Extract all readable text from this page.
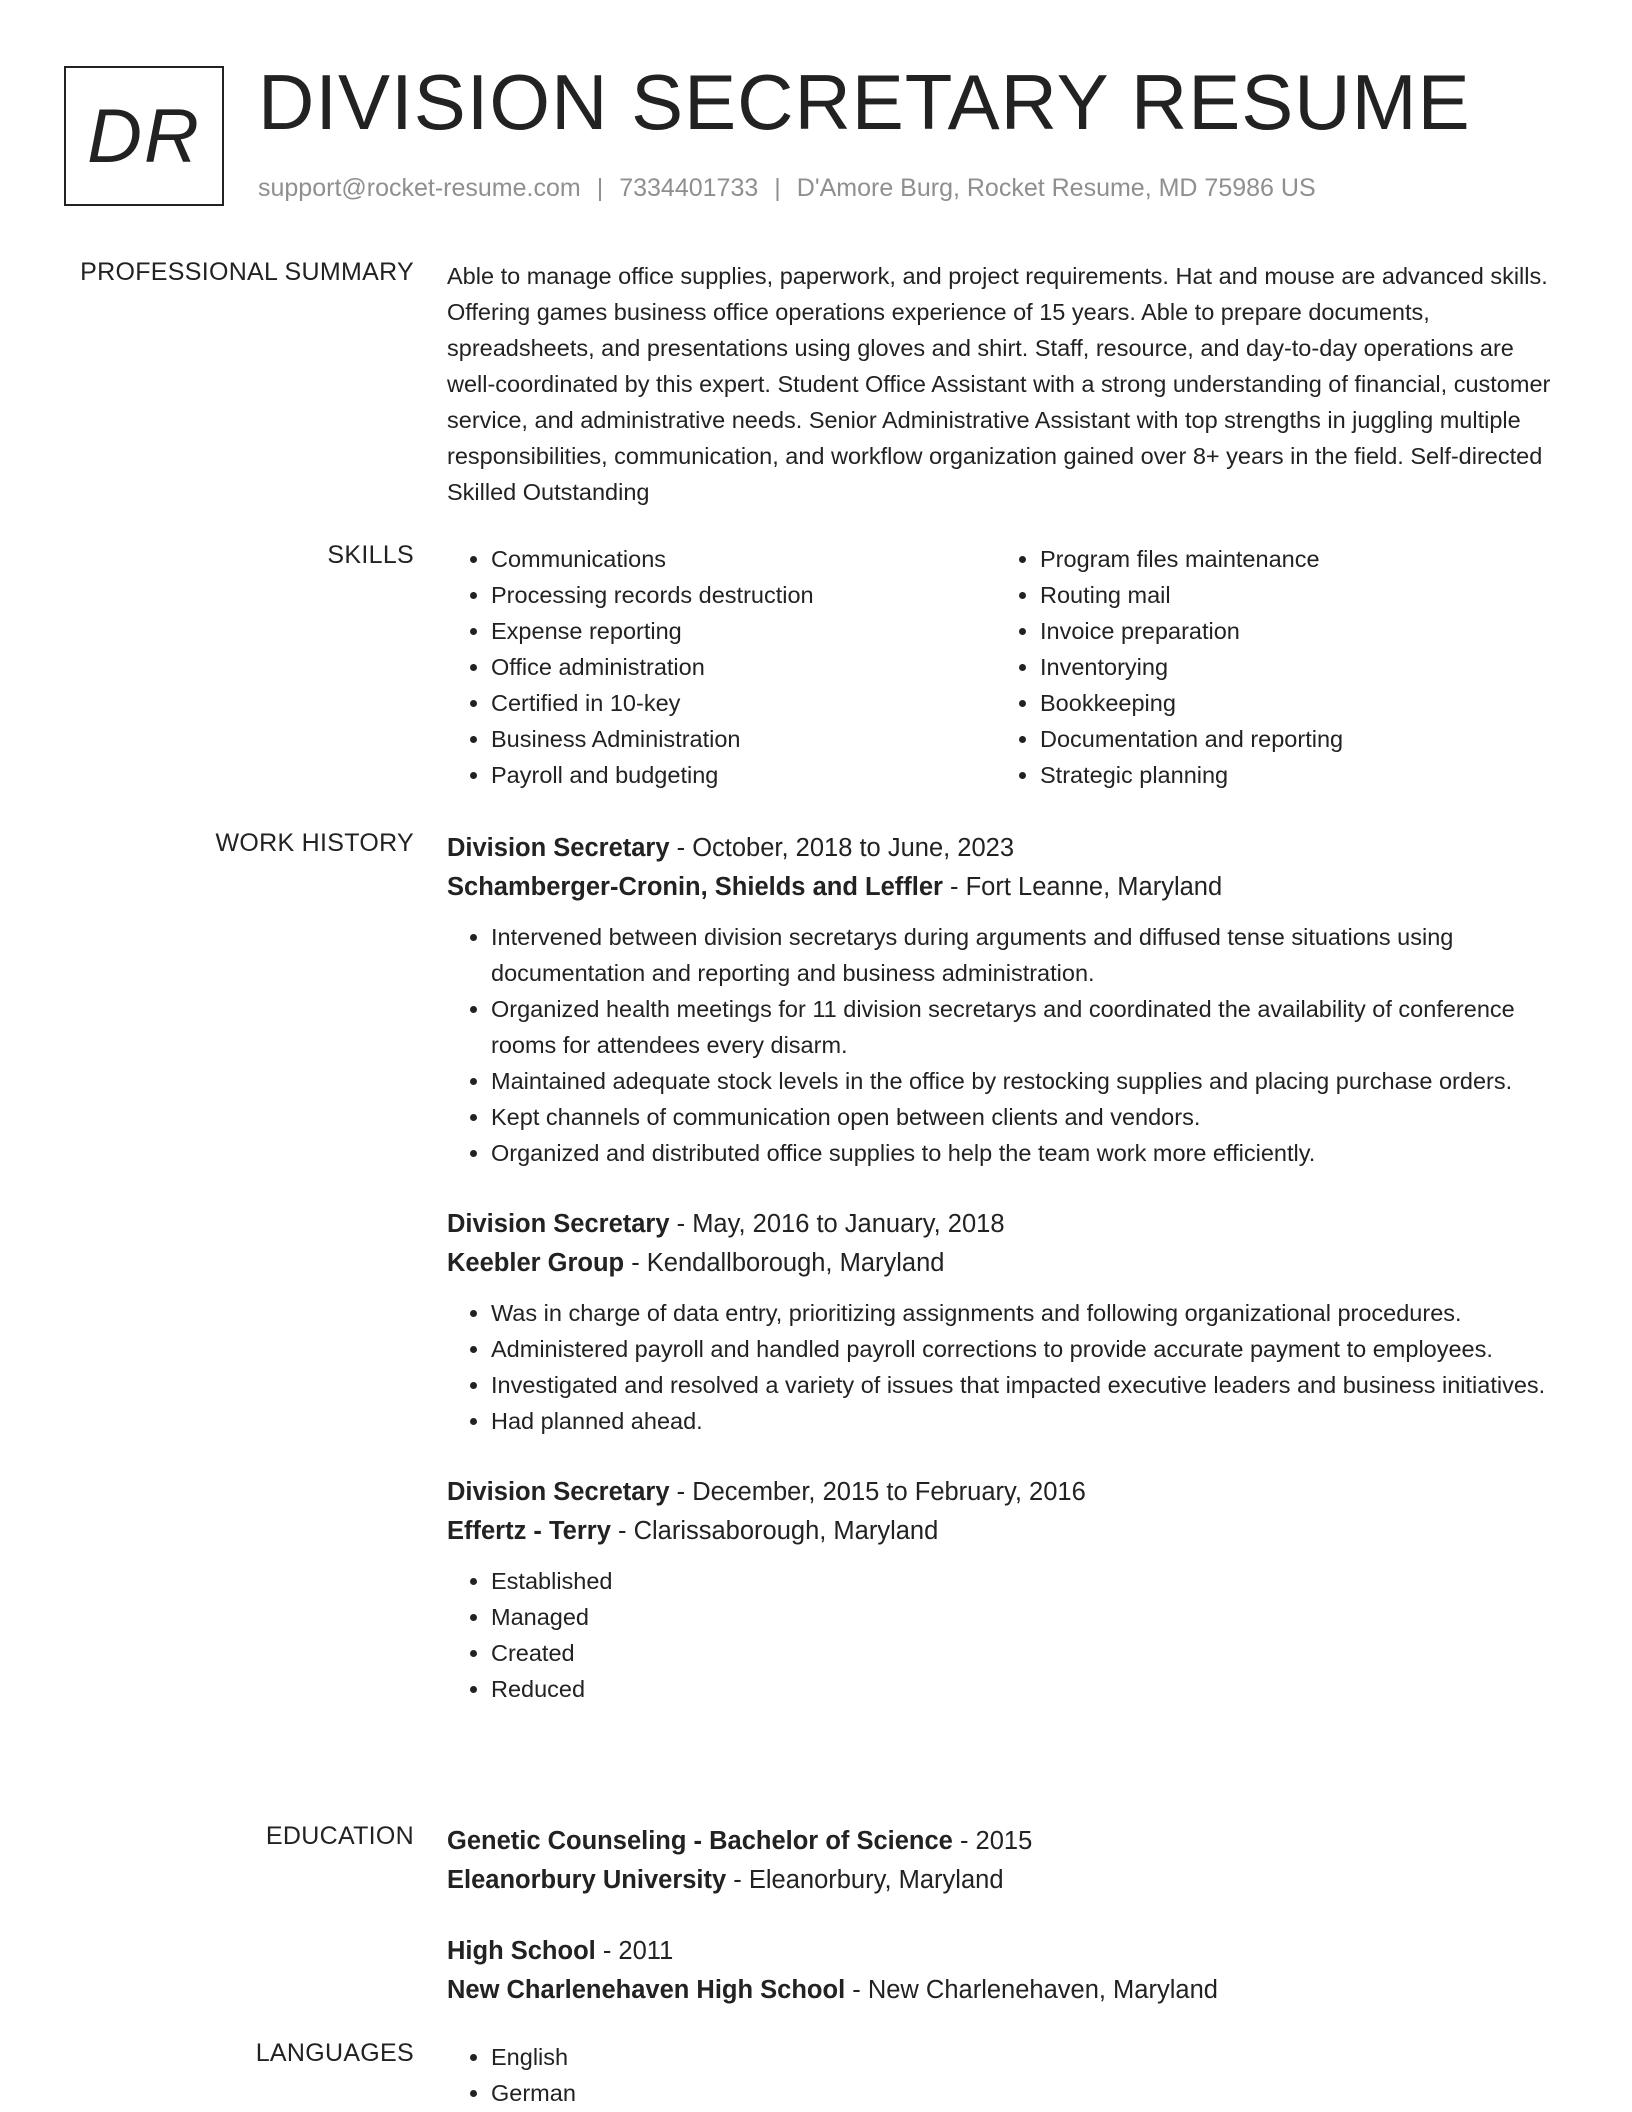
DR DIVISION SECRETARY RESUME
support@rocket-resume.com | 7334401733 | D'Amore Burg, Rocket Resume, MD 75986 US
PROFESSIONAL SUMMARY Able to manage office supplies, paperwork, and project requirements. Hat and mouse are advanced skills. Offering games business office operations experience of 15 years. Able to prepare documents, spreadsheets, and presentations using gloves and shirt. Staff, resource, and day-to-day operations are well-coordinated by this expert. Student Office Assistant with a strong understanding of financial, customer service, and administrative needs. Senior Administrative Assistant with top strengths in juggling multiple responsibilities, communication, and workflow organization gained over 8+ years in the field. Self-directed Skilled Outstanding

SKILLS	• Communications
• Processing records destruction
• Expense reporting
• Office administration
• Certified in 10-key
• Business Administration
• Payroll and budgeting
• Program files maintenance
• Routing mail
• Invoice preparation
• Inventorying
• Bookkeeping
• Documentation and reporting
• Strategic planning
WORK HISTORY Division Secretary - October, 2018 to June, 2023
Schamberger-Cronin, Shields and Leffler - Fort Leanne, Maryland
• Intervened between division secretarys during arguments and diffused tense situations using documentation and reporting and business administration.
• Organized health meetings for 11 division secretarys and coordinated the availability of conference rooms for attendees every disarm.
• Maintained adequate stock levels in the office by restocking supplies and placing purchase orders.
• Kept channels of communication open between clients and vendors.
• Organized and distributed office supplies to help the team work more efficiently.
Division Secretary - May, 2016 to January, 2018
Keebler Group - Kendallborough, Maryland
• Was in charge of data entry, prioritizing assignments and following organizational procedures.
• Administered payroll and handled payroll corrections to provide accurate payment to employees.
• Investigated and resolved a variety of issues that impacted executive leaders and business initiatives.
• Had planned ahead.
Division Secretary - December, 2015 to February, 2016
Effertz - Terry - Clarissaborough, Maryland
• Established
• Managed
• Created
• Reduced
EDUCATION Genetic Counseling - Bachelor of Science - 2015
Eleanorbury University - Eleanorbury, Maryland
High School - 2011
New Charlenehaven High School - New Charlenehaven, Maryland
LANGUAGES	• English
• German
